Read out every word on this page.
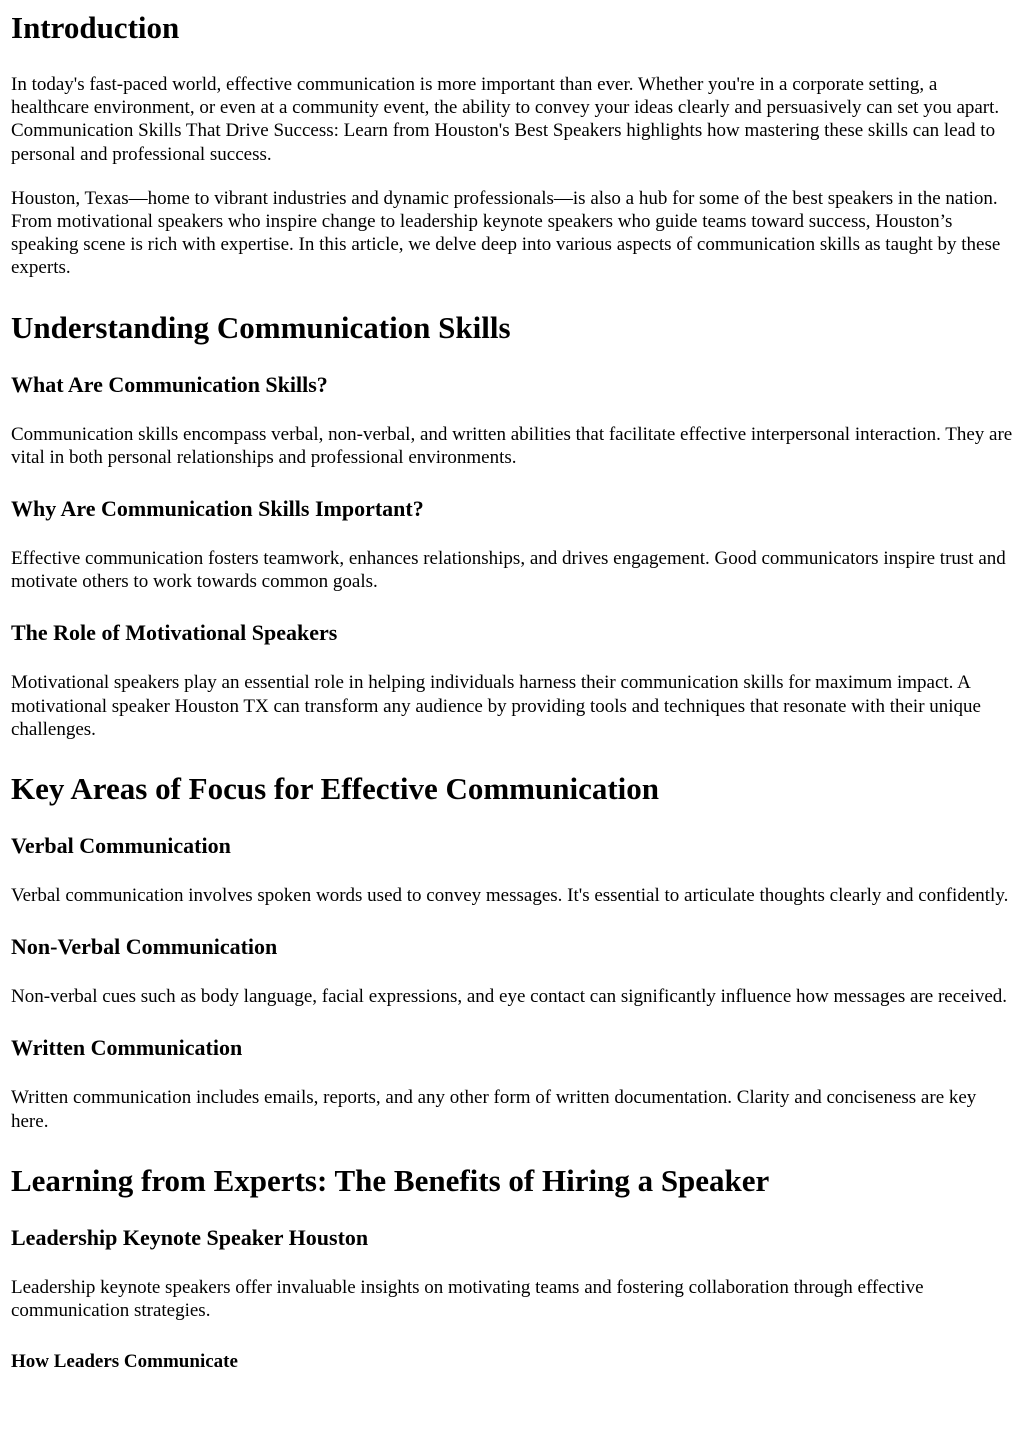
Introduction

In today's fast-paced world, effective communication is more important than ever. Whether you're in a corporate setting, a healthcare environment, or even at a community event, the ability to convey your ideas clearly and persuasively can set you apart. Communication Skills That Drive Success: Learn from Houston's Best Speakers highlights how mastering these skills can lead to personal and professional success.

Houston, Texas—home to vibrant industries and dynamic professionals—is also a hub for some of the best speakers in the nation. From motivational speakers who inspire change to leadership keynote speakers who guide teams toward success, Houston’s speaking scene is rich with expertise. In this article, we delve deep into various aspects of communication skills as taught by these experts.

Understanding Communication Skills
What Are Communication Skills?

Communication skills encompass verbal, non-verbal, and written abilities that facilitate effective interpersonal interaction. They are vital in both personal relationships and professional environments.

Why Are Communication Skills Important?

Effective communication fosters teamwork, enhances relationships, and drives engagement. Good communicators inspire trust and motivate others to work towards common goals.

The Role of Motivational Speakers

Motivational speakers play an essential role in helping individuals harness their communication skills for maximum impact. A motivational speaker Houston TX can transform any audience by providing tools and techniques that resonate with their unique challenges.

Key Areas of Focus for Effective Communication
Verbal Communication

Verbal communication involves spoken words used to convey messages. It's essential to articulate thoughts clearly and confidently.

Non-Verbal Communication

Non-verbal cues such as body language, facial expressions, and eye contact can significantly influence how messages are received.

Written Communication

Written communication includes emails, reports, and any other form of written documentation. Clarity and conciseness are key here.

Learning from Experts: The Benefits of Hiring a Speaker
Leadership Keynote Speaker Houston

Leadership keynote speakers offer invaluable insights on motivating teams and fostering collaboration through effective communication strategies.

How Leaders Communicate
